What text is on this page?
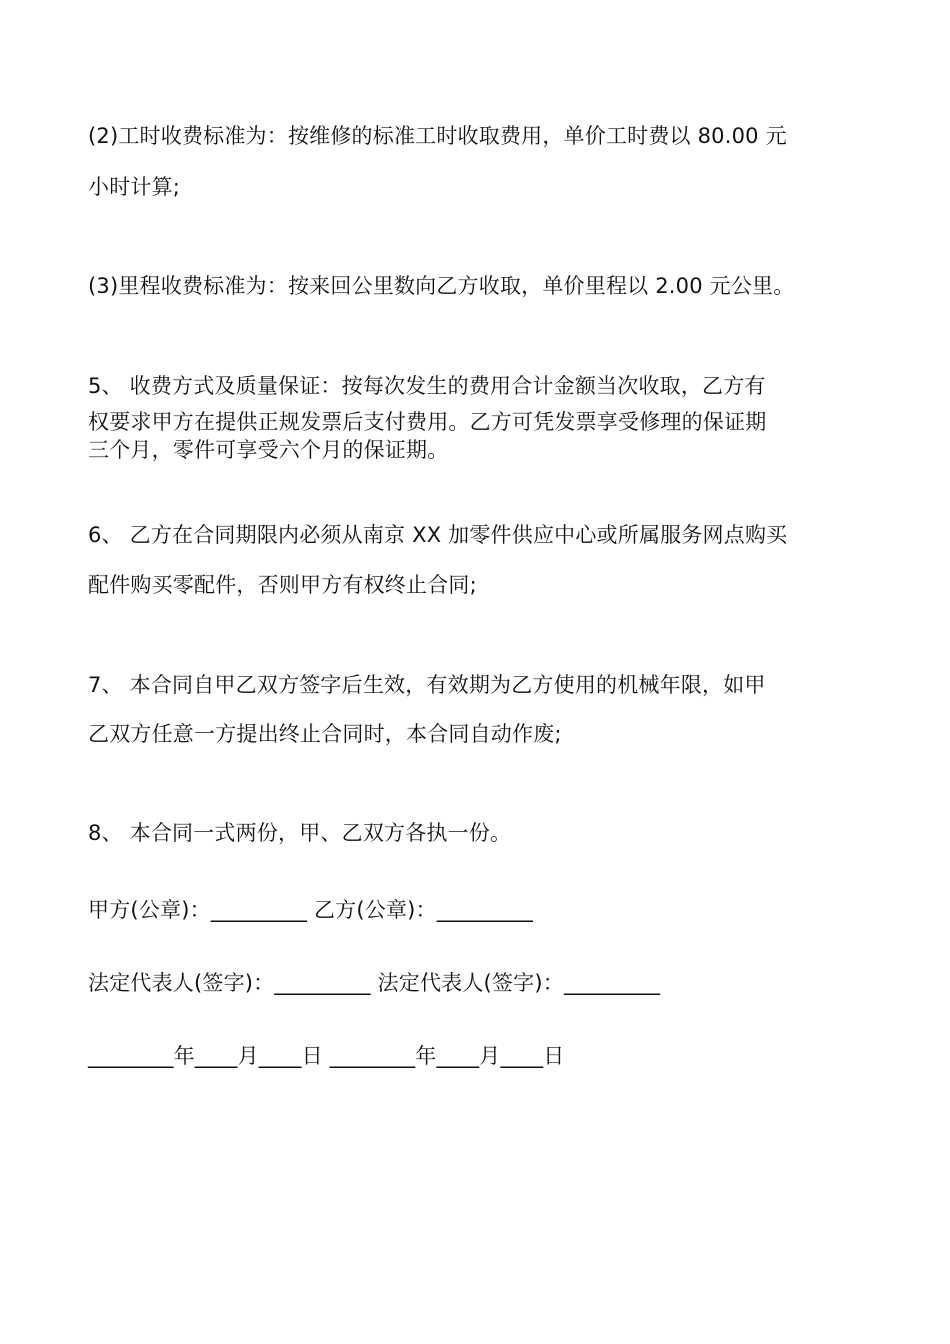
(2)工时收费标准为：按维修的标准工时收取费用，单价工时费以 80.00 元
小时计算;
(3)里程收费标准为：按来回公里数向乙方收取，单价里程以 2.00 元公里。
5、 收费方式及质量保证：按每次发生的费用合计金额当次收取，乙方有
权要求甲方在提供正规发票后支付费用。乙方可凭发票享受修理的保证期
三个月，零件可享受六个月的保证期。
6、 乙方在合同期限内必须从南京 XX 加零件供应中心或所属服务网点购买
配件购买零配件，否则甲方有权终止合同;
7、 本合同自甲乙双方签字后生效，有效期为乙方使用的机械年限，如甲
乙双方任意一方提出终止合同时，本合同自动作废;
8、 本合同一式两份，甲、乙双方各执一份。
甲方(公章)：_________ 乙方(公章)：_________
法定代表人(签字)：_________ 法定代表人(签字)：_________
________年____月____日 ________年____月____日
